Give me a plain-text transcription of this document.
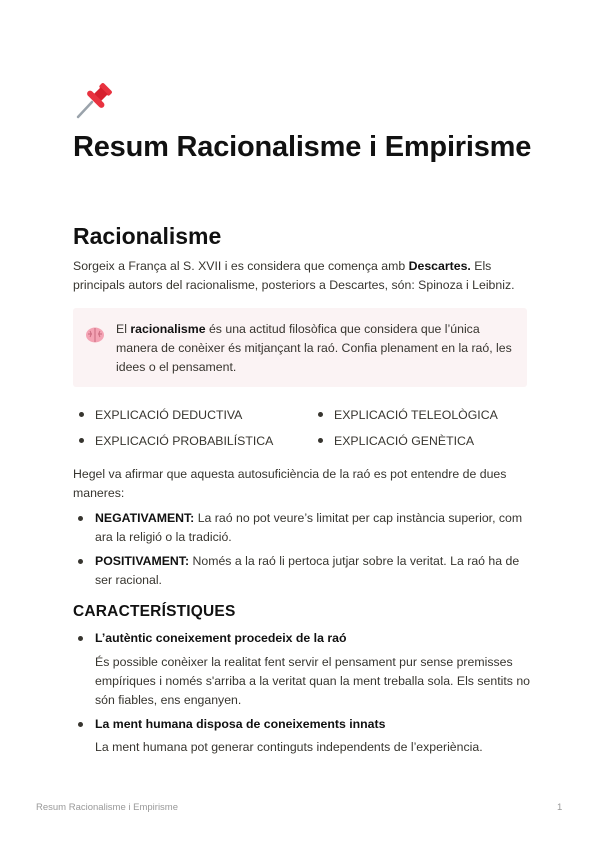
Resum Racionalisme i Empirisme
Racionalisme

Sorgeix a França al S. XVII i es considera que comença amb Descartes. Els principals autors del racionalisme, posteriors a Descartes, són: Spinoza i Leibniz.

El racionalisme és una actitud filosòfica que considera que l’única manera de conèixer és mitjançant la raó. Confia plenament en la raó, les idees o el pensament.

EXPLICACIÓ DEDUCTIVA	EXPLICACIÓ TELEOLÒGICA
EXPLICACIÓ PROBABILÍSTICA	EXPLICACIÓ GENÈTICA

Hegel va afirmar que aquesta autosuficiència de la raó es pot entendre de dues maneres:

NEGATIVAMENT: La raó no pot veure’s limitat per cap instància superior, com ara la religió o la tradició.
POSITIVAMENT: Només a la raó li pertoca jutjar sobre la veritat. La raó ha de ser racional.
CARACTERÍSTIQUES
L’autèntic coneixement procedeix de la raó

És possible conèixer la realitat fent servir el pensament pur sense premisses empíriques i només s'arriba a la veritat quan la ment treballa sola. Els sentits no són fiables, ens enganyen.

La ment humana disposa de coneixements innats

La ment humana pot generar continguts independents de l’experiència.

Resum Racionalisme i Empirisme	1
